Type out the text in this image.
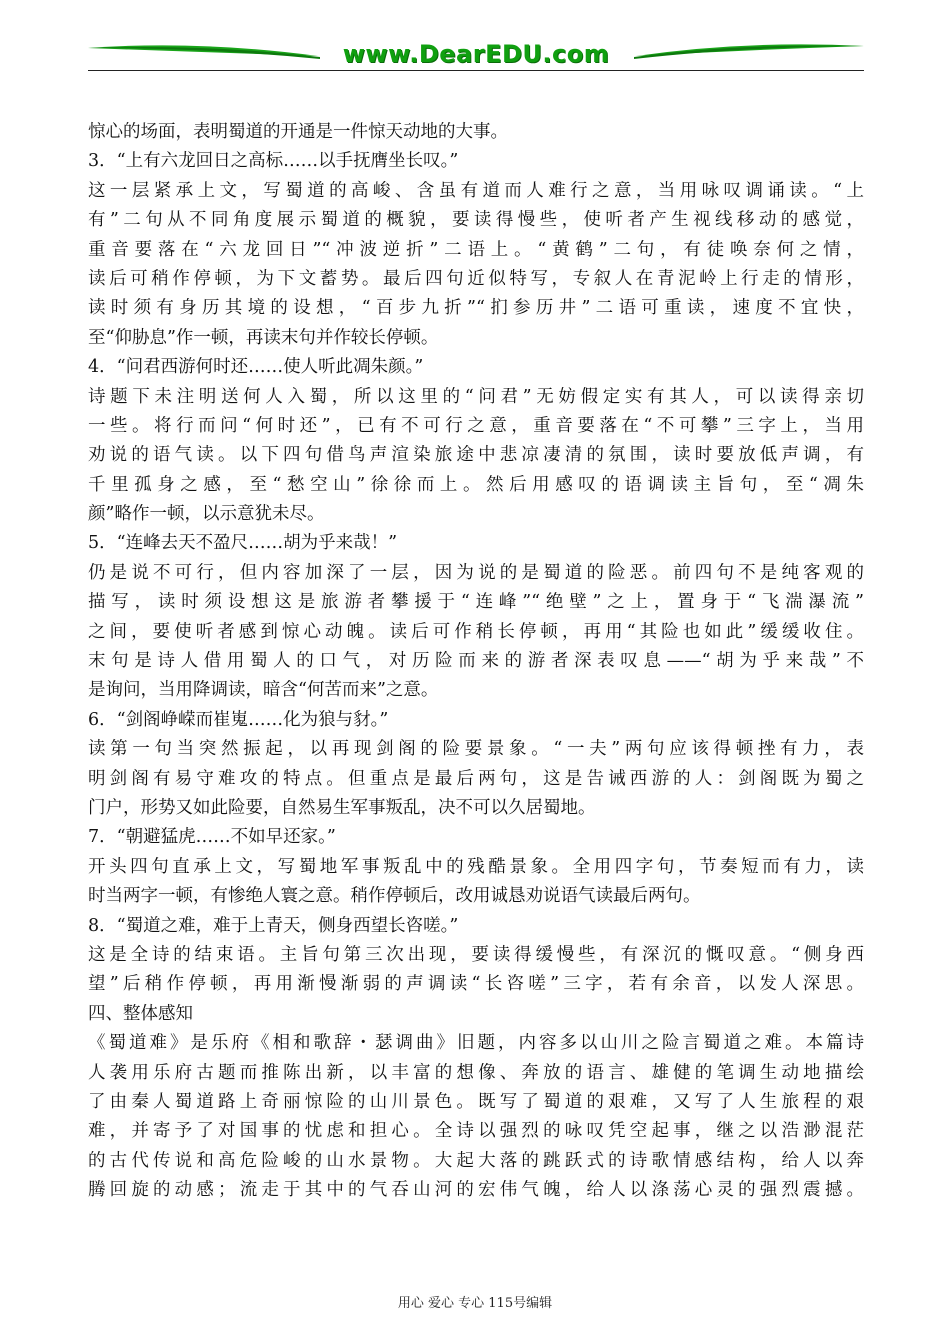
www.DearEDU.com
惊心的场面，表明蜀道的开通是一件惊天动地的大事。
3．“上有六龙回日之高标……以手抚膺坐长叹。”
这一层紧承上文，写蜀道的高峻、含虽有道而人难行之意，当用咏叹调诵读。“上
有”二句从不同角度展示蜀道的概貌，要读得慢些，使听者产生视线移动的感觉，
重音要落在“六龙回日”“冲波逆折”二语上。“黄鹤”二句，有徒唤奈何之情，
读后可稍作停顿，为下文蓄势。最后四句近似特写，专叙人在青泥岭上行走的情形，
读时须有身历其境的设想，“百步九折”“扪参历井”二语可重读，速度不宜快，
至“仰胁息”作一顿，再读末句并作较长停顿。
4．“问君西游何时还……使人听此凋朱颜。”
诗题下未注明送何人入蜀，所以这里的“问君”无妨假定实有其人，可以读得亲切
一些。将行而问“何时还”，已有不可行之意，重音要落在“不可攀”三字上，当用
劝说的语气读。以下四句借鸟声渲染旅途中悲凉凄清的氛围，读时要放低声调，有
千里孤身之感，至“愁空山”徐徐而上。然后用感叹的语调读主旨句，至“凋朱
颜”略作一顿，以示意犹未尽。
5．“连峰去天不盈尺……胡为乎来哉！”
仍是说不可行，但内容加深了一层，因为说的是蜀道的险恶。前四句不是纯客观的
描写，读时须设想这是旅游者攀援于“连峰”“绝壁”之上，置身于“飞湍瀑流”
之间，要使听者感到惊心动魄。读后可作稍长停顿，再用“其险也如此”缓缓收住。
末句是诗人借用蜀人的口气，对历险而来的游者深表叹息——“胡为乎来哉”不
是询问，当用降调读，暗含“何苦而来”之意。
6．“剑阁峥嵘而崔嵬……化为狼与豺。”
读第一句当突然振起，以再现剑阁的险要景象。“一夫”两句应该得顿挫有力，表
明剑阁有易守难攻的特点。但重点是最后两句，这是告诫西游的人：剑阁既为蜀之
门户，形势又如此险要，自然易生军事叛乱，决不可以久居蜀地。
7．“朝避猛虎……不如早还家。”
开头四句直承上文，写蜀地军事叛乱中的残酷景象。全用四字句，节奏短而有力，读
时当两字一顿，有惨绝人寰之意。稍作停顿后，改用诚恳劝说语气读最后两句。
8．“蜀道之难，难于上青天，侧身西望长咨嗟。”
这是全诗的结束语。主旨句第三次出现，要读得缓慢些，有深沉的慨叹意。“侧身西
望”后稍作停顿，再用渐慢渐弱的声调读“长咨嗟”三字，若有余音，以发人深思。
四、整体感知
《蜀道难》是乐府《相和歌辞・瑟调曲》旧题，内容多以山川之险言蜀道之难。本篇诗
人袭用乐府古题而推陈出新，以丰富的想像、奔放的语言、雄健的笔调生动地描绘
了由秦人蜀道路上奇丽惊险的山川景色。既写了蜀道的艰难，又写了人生旅程的艰
难，并寄予了对国事的忧虑和担心。全诗以强烈的咏叹凭空起事，继之以浩渺混茫
的古代传说和高危险峻的山水景物。大起大落的跳跃式的诗歌情感结构，给人以奔
腾回旋的动感；流走于其中的气吞山河的宏伟气魄，给人以涤荡心灵的强烈震撼。
用心 爱心 专心 115号编辑
